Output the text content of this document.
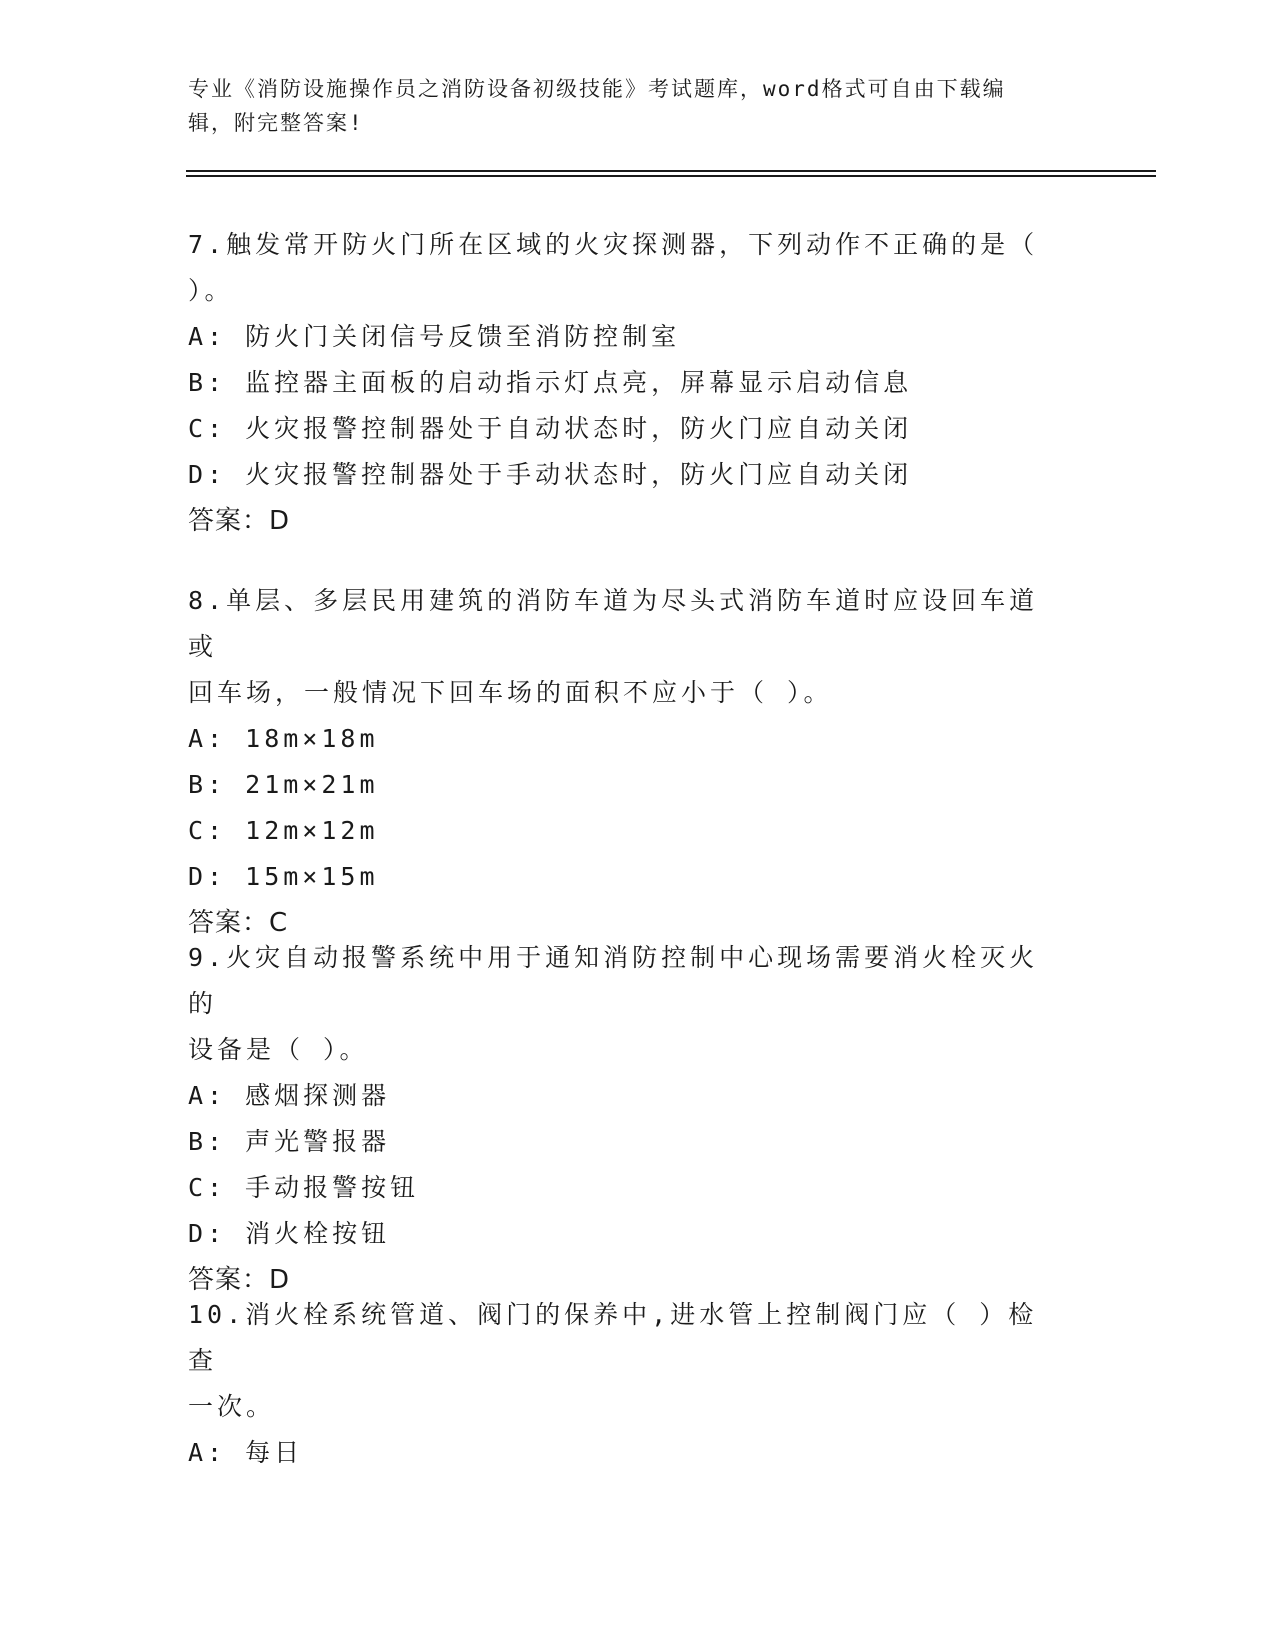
专业《消防设施操作员之消防设备初级技能》考试题库，word格式可自由下载编
辑，附完整答案!
7.触发常开防火门所在区域的火灾探测器，下列动作不正确的是（
）。
A: 防火门关闭信号反馈至消防控制室
B: 监控器主面板的启动指示灯点亮，屏幕显示启动信息
C: 火灾报警控制器处于自动状态时，防火门应自动关闭
D: 火灾报警控制器处于手动状态时，防火门应自动关闭
答案：D
8.单层、多层民用建筑的消防车道为尽头式消防车道时应设回车道或
回车场，一般情况下回车场的面积不应小于（ ）。
A: 18m×18m
B: 21m×21m
C: 12m×12m
D: 15m×15m
答案：C
9.火灾自动报警系统中用于通知消防控制中心现场需要消火栓灭火的
设备是（ ）。
A: 感烟探测器
B: 声光警报器
C: 手动报警按钮
D: 消火栓按钮
答案：D
10.消火栓系统管道、阀门的保养中,进水管上控制阀门应（ ）检查
一次。
A: 每日
